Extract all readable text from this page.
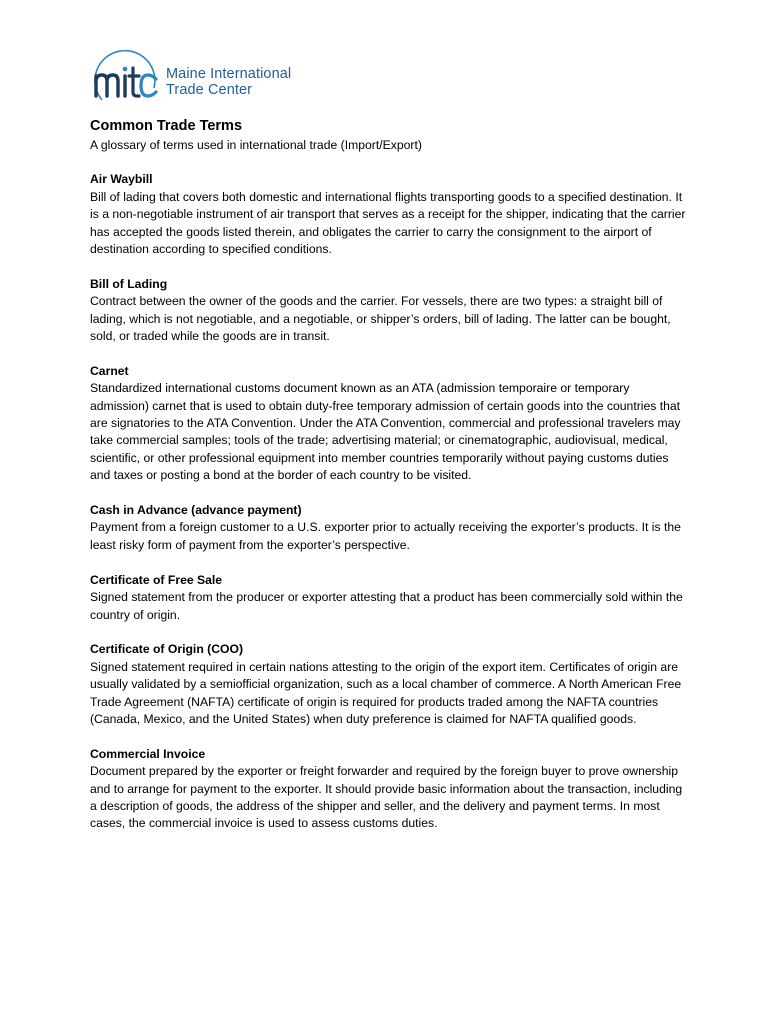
Maine International
Trade Center
Common Trade Terms

A glossary of terms used in international trade (Import/Export)

Air Waybill

Bill of lading that covers both domestic and international flights transporting goods to a specified destination. It is a non-negotiable instrument of air transport that serves as a receipt for the shipper, indicating that the carrier has accepted the goods listed therein, and obligates the carrier to carry the consignment to the airport of destination according to specified conditions.

Bill of Lading

Contract between the owner of the goods and the carrier. For vessels, there are two types: a straight bill of lading, which is not negotiable, and a negotiable, or shipper’s orders, bill of lading. The latter can be bought, sold, or traded while the goods are in transit.

Carnet

Standardized international customs document known as an ATA (admission temporaire or temporary admission) carnet that is used to obtain duty-free temporary admission of certain goods into the countries that are signatories to the ATA Convention. Under the ATA Convention, commercial and professional travelers may take commercial samples; tools of the trade; advertising material; or cinematographic, audiovisual, medical, scientific, or other professional equipment into member countries temporarily without paying customs duties and taxes or posting a bond at the border of each country to be visited.

Cash in Advance (advance payment)

Payment from a foreign customer to a U.S. exporter prior to actually receiving the exporter’s products. It is the least risky form of payment from the exporter’s perspective.

Certificate of Free Sale

Signed statement from the producer or exporter attesting that a product has been commercially sold within the country of origin.

Certificate of Origin (COO)

Signed statement required in certain nations attesting to the origin of the export item. Certificates of origin are usually validated by a semiofficial organization, such as a local chamber of commerce. A North American Free Trade Agreement (NAFTA) certificate of origin is required for products traded among the NAFTA countries (Canada, Mexico, and the United States) when duty preference is claimed for NAFTA qualified goods.

Commercial Invoice

Document prepared by the exporter or freight forwarder and required by the foreign buyer to prove ownership and to arrange for payment to the exporter. It should provide basic information about the transaction, including a description of goods, the address of the shipper and seller, and the delivery and payment terms. In most cases, the commercial invoice is used to assess customs duties.
